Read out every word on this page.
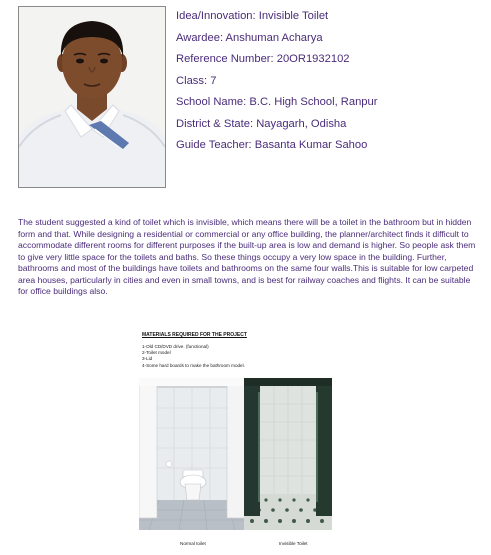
Idea/Innovation: Invisible Toilet
Awardee: Anshuman Acharya
Reference Number: 20OR1932102
Class: 7
School Name: B.C. High School, Ranpur
District & State: Nayagarh, Odisha
Guide Teacher: Basanta Kumar Sahoo

The student suggested a kind of toilet which is invisible, which means there will be a toilet in the bathroom but in hidden form and that. While designing a residential or commercial or any office building, the planner/architect finds it difficult to accommodate different rooms for different purposes if the built-up area is low and demand is higher. So people ask them to give very little space for the toilets and baths. So these things occupy a very low space in the building. Further, bathrooms and most of the buildings have toilets and bathrooms on the same four walls.This is suitable for low carpeted area houses, particularly in cities and even in small towns, and is best for railway coaches and flights. It can be suitable for office buildings also.

MATERIALS REQUIRED FOR THE PROJECT
1-Old CD/DVD drive. (functional)
2-Toilet model
3-Lid
4-Some hard boards to make the bathroom model.
Normal toilet	Invisible Toilet
